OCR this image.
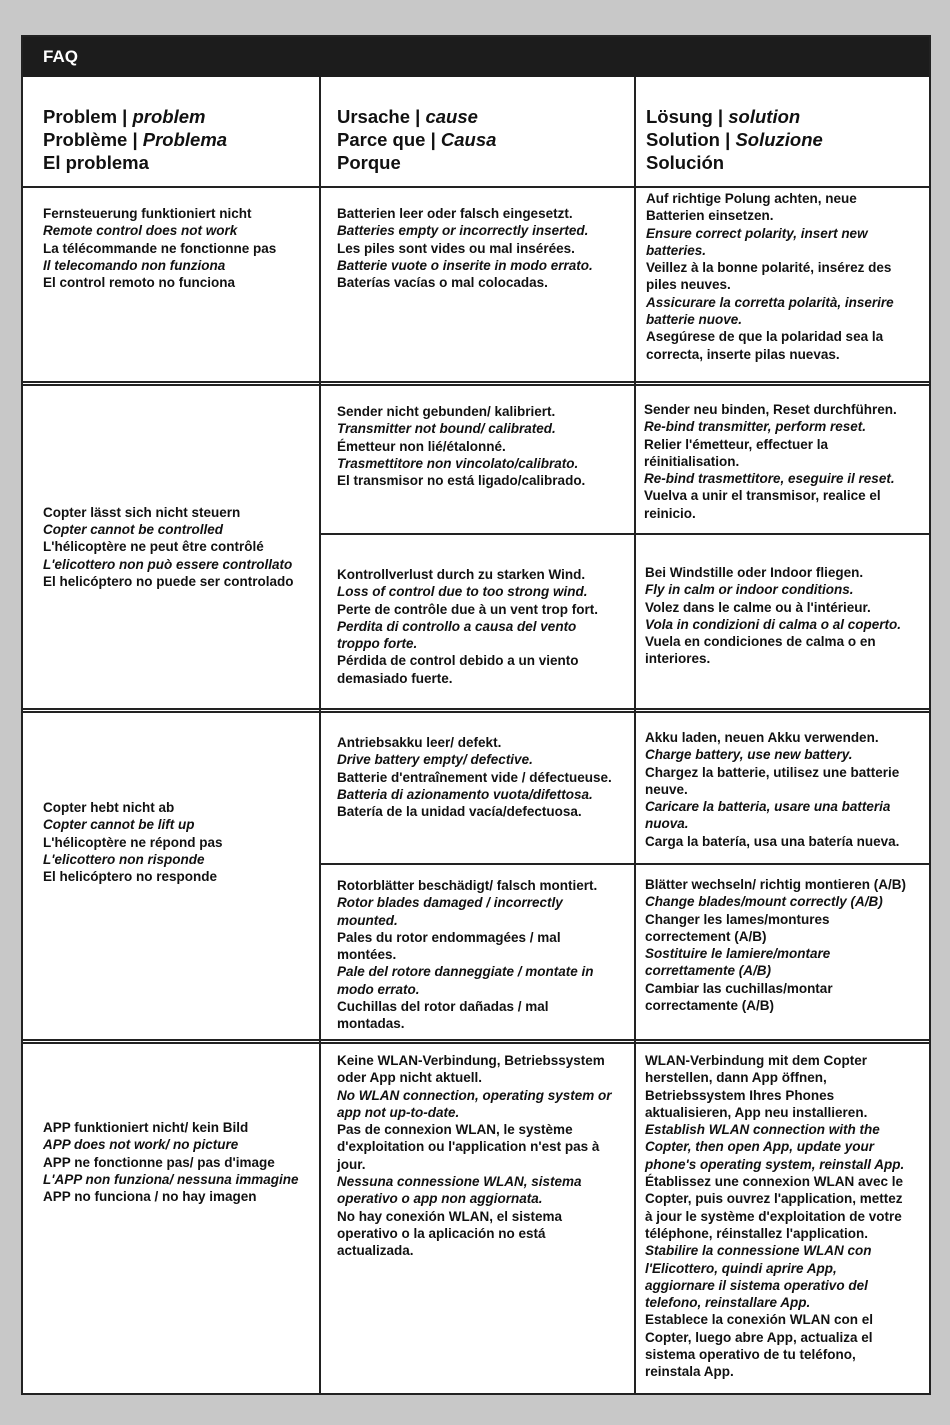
FAQ
Problem | problem
Problème | Problema
El problema
Ursache | cause
Parce que | Causa
Porque
Lösung | solution
Solution | Soluzione
Solución
Fernsteuerung funktioniert nicht
Remote control does not work
La télécommande ne fonctionne pas
Il telecomando non funziona
El control remoto no funciona
Batterien leer oder falsch eingesetzt.
Batteries empty or incorrectly inserted.
Les piles sont vides ou mal insérées.
Batterie vuote o inserite in modo errato.
Baterías vacías o mal colocadas.
Auf richtige Polung achten, neue
Batterien einsetzen.
Ensure correct polarity, insert new
batteries.
Veillez à la bonne polarité, insérez des
piles neuves.
Assicurare la corretta polarità, inserire
batterie nuove.
Asegúrese de que la polaridad sea la
correcta, inserte pilas nuevas.
Copter lässt sich nicht steuern
Copter cannot be controlled
L'hélicoptère ne peut être contrôlé
L'elicottero non può essere controllato
El helicóptero no puede ser controlado
Sender nicht gebunden/ kalibriert.
Transmitter not bound/ calibrated.
Émetteur non lié/étalonné.
Trasmettitore non vincolato/calibrato.
El transmisor no está ligado/calibrado.
Sender neu binden, Reset durchführen.
Re-bind transmitter, perform reset.
Relier l'émetteur, effectuer la
réinitialisation.
Re-bind trasmettitore, eseguire il reset.
Vuelva a unir el transmisor, realice el
reinicio.
Kontrollverlust durch zu starken Wind.
Loss of control due to too strong wind.
Perte de contrôle due à un vent trop fort.
Perdita di controllo a causa del vento
troppo forte.
Pérdida de control debido a un viento
demasiado fuerte.
Bei Windstille oder Indoor fliegen.
Fly in calm or indoor conditions.
Volez dans le calme ou à l'intérieur.
Vola in condizioni di calma o al coperto.
Vuela en condiciones de calma o en
interiores.
Copter hebt nicht ab
Copter cannot be lift up
L'hélicoptère ne répond pas
L'elicottero non risponde
El helicóptero no responde
Antriebsakku leer/ defekt.
Drive battery empty/ defective.
Batterie d'entraînement vide / défectueuse.
Batteria di azionamento vuota/difettosa.
Batería de la unidad vacía/defectuosa.
Akku laden, neuen Akku verwenden.
Charge battery, use new battery.
Chargez la batterie, utilisez une batterie
neuve.
Caricare la batteria, usare una batteria
nuova.
Carga la batería, usa una batería nueva.
Rotorblätter beschädigt/ falsch montiert.
Rotor blades damaged / incorrectly
mounted.
Pales du rotor endommagées / mal
montées.
Pale del rotore danneggiate / montate in
modo errato.
Cuchillas del rotor dañadas / mal
montadas.
Blätter wechseln/ richtig montieren (A/B)
Change blades/mount correctly (A/B)
Changer les lames/montures
correctement (A/B)
Sostituire le lamiere/montare
correttamente (A/B)
Cambiar las cuchillas/montar
correctamente (A/B)
APP funktioniert nicht/ kein Bild
APP does not work/ no picture
APP ne fonctionne pas/ pas d'image
L'APP non funziona/ nessuna immagine
APP no funciona / no hay imagen
Keine WLAN-Verbindung, Betriebssystem
oder App nicht aktuell.
No WLAN connection, operating system or
app not up-to-date.
Pas de connexion WLAN, le système
d'exploitation ou l'application n'est pas à
jour.
Nessuna connessione WLAN, sistema
operativo o app non aggiornata.
No hay conexión WLAN, el sistema
operativo o la aplicación no está
actualizada.
WLAN-Verbindung mit dem Copter
herstellen, dann App öffnen,
Betriebssystem Ihres Phones
aktualisieren, App neu installieren.
Establish WLAN connection with the
Copter, then open App, update your
phone's operating system, reinstall App.
Établissez une connexion WLAN avec le
Copter, puis ouvrez l'application, mettez
à jour le système d'exploitation de votre
téléphone, réinstallez l'application.
Stabilire la connessione WLAN con
l'Elicottero, quindi aprire App,
aggiornare il sistema operativo del
telefono, reinstallare App.
Establece la conexión WLAN con el
Copter, luego abre App, actualiza el
sistema operativo de tu teléfono,
reinstala App.
